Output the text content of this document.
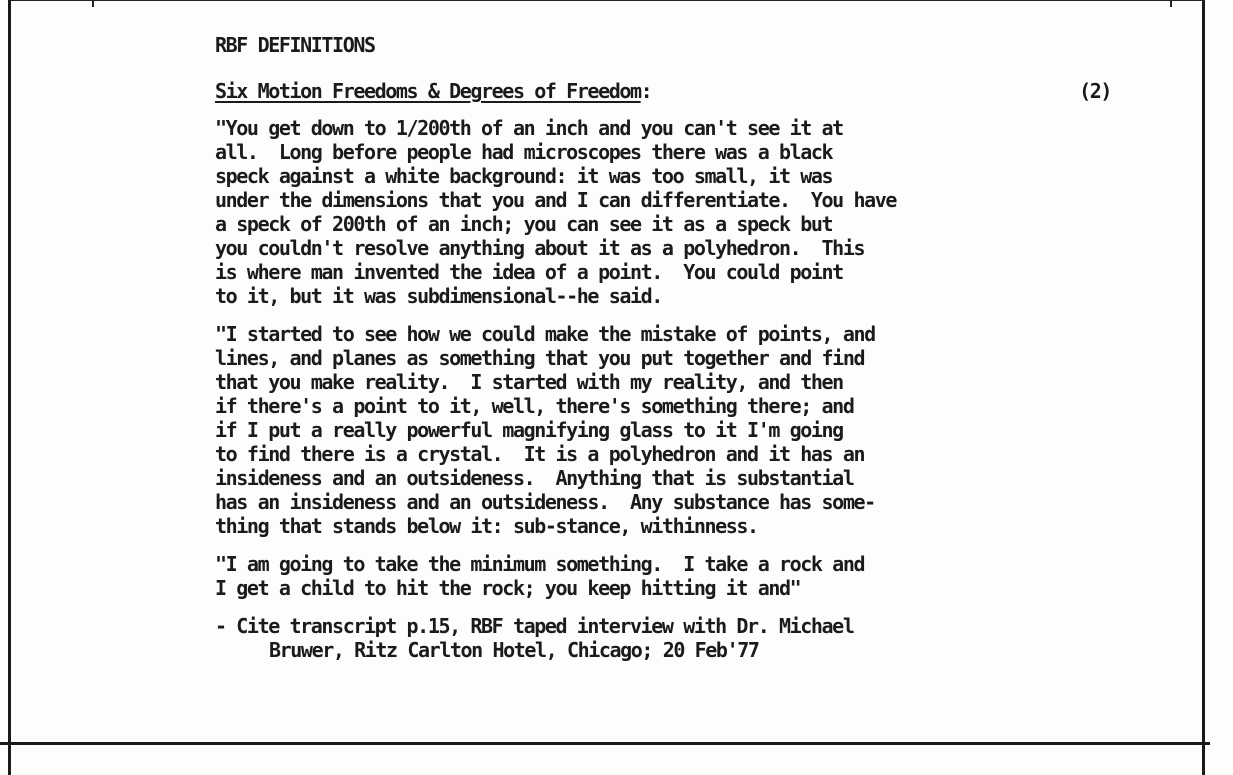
RBF DEFINITIONS
Six Motion Freedoms & Degrees of Freedom:	(2)
"You get down to 1/200th of an inch and you can't see it at
all.  Long before people had microscopes there was a black
speck against a white background: it was too small, it was
under the dimensions that you and I can differentiate.  You have
a speck of 200th of an inch; you can see it as a speck but
you couldn't resolve anything about it as a polyhedron.  This
is where man invented the idea of a point.  You could point
to it, but it was subdimensional--he said.
"I started to see how we could make the mistake of points, and
lines, and planes as something that you put together and find
that you make reality.  I started with my reality, and then
if there's a point to it, well, there's something there; and
if I put a really powerful magnifying glass to it I'm going
to find there is a crystal.  It is a polyhedron and it has an
insideness and an outsideness.  Anything that is substantial
has an insideness and an outsideness.  Any substance has some-
thing that stands below it: sub-stance, withinness.
"I am going to take the minimum something.  I take a rock and
I get a child to hit the rock; you keep hitting it and"
- Cite transcript p.15, RBF taped interview with Dr. Michael
Bruwer, Ritz Carlton Hotel, Chicago; 20 Feb'77
